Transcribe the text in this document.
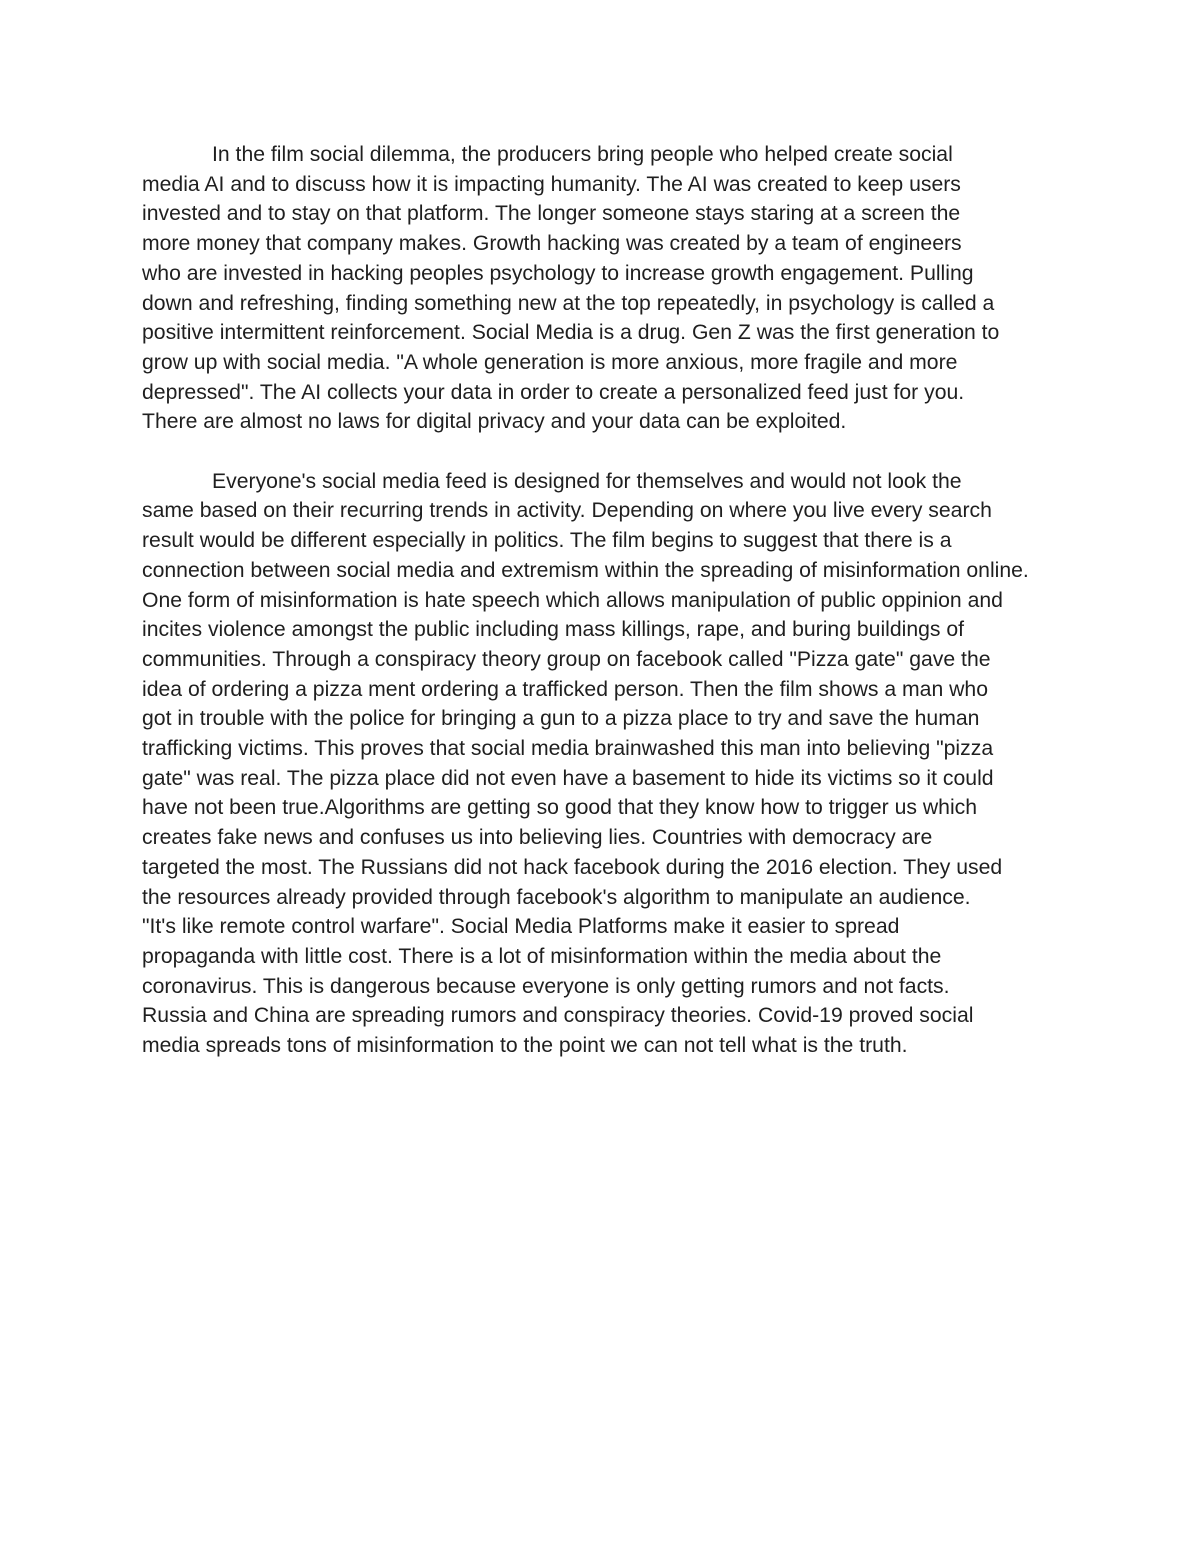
In the film social dilemma, the producers bring people who helped create social
media AI and to discuss how it is impacting humanity. The AI was created to keep users
invested and to stay on that platform. The longer someone stays staring at a screen the
more money that company makes. Growth hacking was created by a team of engineers
who are invested in hacking peoples psychology to increase growth engagement. Pulling
down and refreshing, finding something new at the top repeatedly, in psychology is called a
positive intermittent reinforcement. Social Media is a drug. Gen Z was the first generation to
grow up with social media. "A whole generation is more anxious, more fragile and more
depressed". The AI collects your data in order to create a personalized feed just for you.
There are almost no laws for digital privacy and your data can be exploited.
Everyone's social media feed is designed for themselves and would not look the
same based on their recurring trends in activity. Depending on where you live every search
result would be different especially in politics. The film begins to suggest that there is a
connection between social media and extremism within the spreading of misinformation online.
One form of misinformation is hate speech which allows manipulation of public oppinion and
incites violence amongst the public including mass killings, rape, and buring buildings of
communities. Through a conspiracy theory group on facebook called "Pizza gate" gave the
idea of ordering a pizza ment ordering a trafficked person. Then the film shows a man who
got in trouble with the police for bringing a gun to a pizza place to try and save the human
trafficking victims. This proves that social media brainwashed this man into believing "pizza
gate" was real. The pizza place did not even have a basement to hide its victims so it could
have not been true.Algorithms are getting so good that they know how to trigger us which
creates fake news and confuses us into believing lies. Countries with democracy are
targeted the most. The Russians did not hack facebook during the 2016 election. They used
the resources already provided through facebook's algorithm to manipulate an audience.
"It's like remote control warfare". Social Media Platforms make it easier to spread
propaganda with little cost. There is a lot of misinformation within the media about the
coronavirus. This is dangerous because everyone is only getting rumors and not facts.
Russia and China are spreading rumors and conspiracy theories. Covid-19 proved social
media spreads tons of misinformation to the point we can not tell what is the truth.
